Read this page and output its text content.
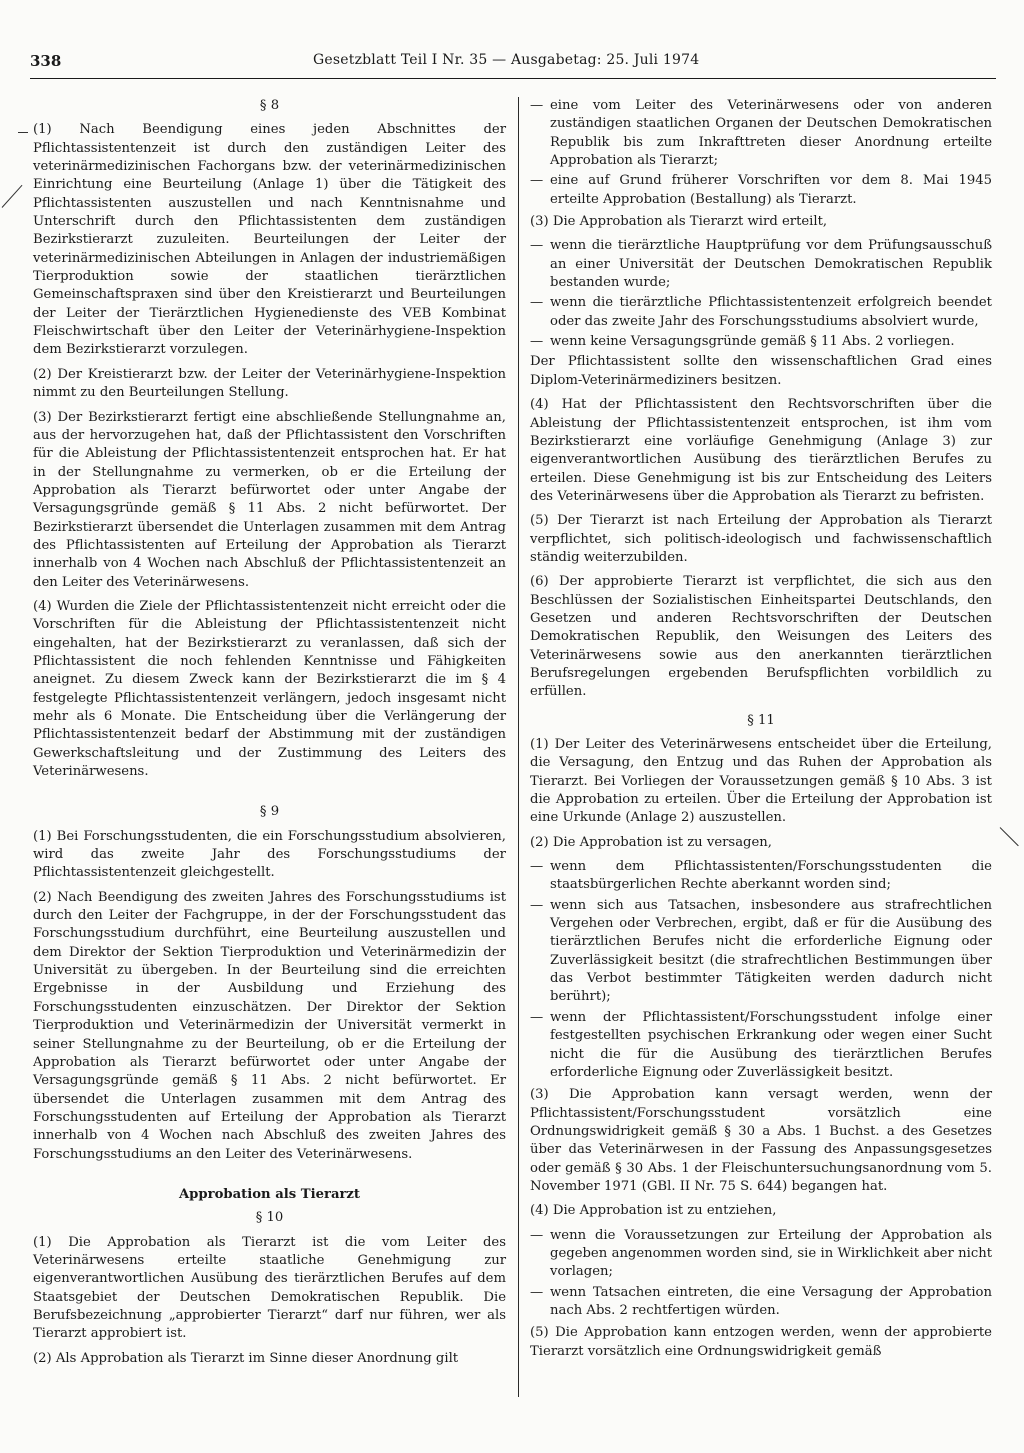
338	Gesetzblatt Teil I Nr. 35 — Ausgabetag: 25. Juli 1974
§ 8

(1) Nach Beendigung eines jeden Abschnittes der Pflichtassistentenzeit ist durch den zuständigen Leiter des veterinärmedizinischen Fachorgans bzw. der veterinärmedizinischen Einrichtung eine Beurteilung (Anlage 1) über die Tätigkeit des Pflichtassistenten auszustellen und nach Kenntnisnahme und Unterschrift durch den Pflichtassistenten dem zuständigen Bezirkstierarzt zuzuleiten. Beurteilungen der Leiter der veterinärmedizinischen Abteilungen in Anlagen der industriemäßigen Tierproduktion sowie der staatlichen tierärztlichen Gemeinschaftspraxen sind über den Kreistierarzt und Beurteilungen der Leiter der Tierärztlichen Hygienedienste des VEB Kombinat Fleischwirtschaft über den Leiter der Veterinärhygiene-Inspektion dem Bezirkstierarzt vorzulegen.

(2) Der Kreistierarzt bzw. der Leiter der Veterinärhygiene-Inspektion nimmt zu den Beurteilungen Stellung.

(3) Der Bezirkstierarzt fertigt eine abschließende Stellungnahme an, aus der hervorzugehen hat, daß der Pflichtassistent den Vorschriften für die Ableistung der Pflichtassistentenzeit entsprochen hat. Er hat in der Stellungnahme zu vermerken, ob er die Erteilung der Approbation als Tierarzt befürwortet oder unter Angabe der Versagungsgründe gemäß § 11 Abs. 2 nicht befürwortet. Der Bezirkstierarzt übersendet die Unterlagen zusammen mit dem Antrag des Pflichtassistenten auf Erteilung der Approbation als Tierarzt innerhalb von 4 Wochen nach Abschluß der Pflichtassistentenzeit an den Leiter des Veterinärwesens.

(4) Wurden die Ziele der Pflichtassistentenzeit nicht erreicht oder die Vorschriften für die Ableistung der Pflichtassistentenzeit nicht eingehalten, hat der Bezirkstierarzt zu veranlassen, daß sich der Pflichtassistent die noch fehlenden Kenntnisse und Fähigkeiten aneignet. Zu diesem Zweck kann der Bezirkstierarzt die im § 4 festgelegte Pflichtassistentenzeit verlängern, jedoch insgesamt nicht mehr als 6 Monate. Die Entscheidung über die Verlängerung der Pflichtassistentenzeit bedarf der Abstimmung mit der zuständigen Gewerkschaftsleitung und der Zustimmung des Leiters des Veterinärwesens.

§ 9

(1) Bei Forschungsstudenten, die ein Forschungsstudium absolvieren, wird das zweite Jahr des Forschungsstudiums der Pflichtassistentenzeit gleichgestellt.

(2) Nach Beendigung des zweiten Jahres des Forschungsstudiums ist durch den Leiter der Fachgruppe, in der der Forschungsstudent das Forschungsstudium durchführt, eine Beurteilung auszustellen und dem Direktor der Sektion Tierproduktion und Veterinärmedizin der Universität zu übergeben. In der Beurteilung sind die erreichten Ergebnisse in der Ausbildung und Erziehung des Forschungsstudenten einzuschätzen. Der Direktor der Sektion Tierproduktion und Veterinärmedizin der Universität vermerkt in seiner Stellungnahme zu der Beurteilung, ob er die Erteilung der Approbation als Tierarzt befürwortet oder unter Angabe der Versagungsgründe gemäß § 11 Abs. 2 nicht befürwortet. Er übersendet die Unterlagen zusammen mit dem Antrag des Forschungsstudenten auf Erteilung der Approbation als Tierarzt innerhalb von 4 Wochen nach Abschluß des zweiten Jahres des Forschungsstudiums an den Leiter des Veterinärwesens.

Approbation als Tierarzt
§ 10

(1) Die Approbation als Tierarzt ist die vom Leiter des Veterinärwesens erteilte staatliche Genehmigung zur eigenverantwortlichen Ausübung des tierärztlichen Berufes auf dem Staatsgebiet der Deutschen Demokratischen Republik. Die Berufsbezeichnung „approbierter Tierarzt“ darf nur führen, wer als Tierarzt approbiert ist.

(2) Als Approbation als Tierarzt im Sinne dieser Anordnung gilt

— eine vom Leiter des Veterinärwesens oder von anderen zuständigen staatlichen Organen der Deutschen Demokratischen Republik bis zum Inkrafttreten dieser Anordnung erteilte Approbation als Tierarzt;
— eine auf Grund früherer Vorschriften vor dem 8. Mai 1945 erteilte Approbation (Bestallung) als Tierarzt.

(3) Die Approbation als Tierarzt wird erteilt,

— wenn die tierärztliche Hauptprüfung vor dem Prüfungsausschuß an einer Universität der Deutschen Demokratischen Republik bestanden wurde;
— wenn die tierärztliche Pflichtassistentenzeit erfolgreich beendet oder das zweite Jahr des Forschungsstudiums absolviert wurde,
— wenn keine Versagungsgründe gemäß § 11 Abs. 2 vorliegen.

Der Pflichtassistent sollte den wissenschaftlichen Grad eines Diplom-Veterinärmediziners besitzen.

(4) Hat der Pflichtassistent den Rechtsvorschriften über die Ableistung der Pflichtassistentenzeit entsprochen, ist ihm vom Bezirkstierarzt eine vorläufige Genehmigung (Anlage 3) zur eigenverantwortlichen Ausübung des tierärztlichen Berufes zu erteilen. Diese Genehmigung ist bis zur Entscheidung des Leiters des Veterinärwesens über die Approbation als Tierarzt zu befristen.

(5) Der Tierarzt ist nach Erteilung der Approbation als Tierarzt verpflichtet, sich politisch-ideologisch und fachwissenschaftlich ständig weiterzubilden.

(6) Der approbierte Tierarzt ist verpflichtet, die sich aus den Beschlüssen der Sozialistischen Einheitspartei Deutschlands, den Gesetzen und anderen Rechtsvorschriften der Deutschen Demokratischen Republik, den Weisungen des Leiters des Veterinärwesens sowie aus den anerkannten tierärztlichen Berufsregelungen ergebenden Berufspflichten vorbildlich zu erfüllen.

§ 11

(1) Der Leiter des Veterinärwesens entscheidet über die Erteilung, die Versagung, den Entzug und das Ruhen der Approbation als Tierarzt. Bei Vorliegen der Voraussetzungen gemäß § 10 Abs. 3 ist die Approbation zu erteilen. Über die Erteilung der Approbation ist eine Urkunde (Anlage 2) auszustellen.

(2) Die Approbation ist zu versagen,

— wenn dem Pflichtassistenten/Forschungsstudenten die staatsbürgerlichen Rechte aberkannt worden sind;
— wenn sich aus Tatsachen, insbesondere aus strafrechtlichen Vergehen oder Verbrechen, ergibt, daß er für die Ausübung des tierärztlichen Berufes nicht die erforderliche Eignung oder Zuverlässigkeit besitzt (die strafrechtlichen Bestimmungen über das Verbot bestimmter Tätigkeiten werden dadurch nicht berührt);
— wenn der Pflichtassistent/Forschungsstudent infolge einer festgestellten psychischen Erkrankung oder wegen einer Sucht nicht die für die Ausübung des tierärztlichen Berufes erforderliche Eignung oder Zuverlässigkeit besitzt.

(3) Die Approbation kann versagt werden, wenn der Pflichtassistent/Forschungsstudent vorsätzlich eine Ordnungswidrigkeit gemäß § 30 a Abs. 1 Buchst. a des Gesetzes über das Veterinärwesen in der Fassung des Anpassungsgesetzes oder gemäß § 30 Abs. 1 der Fleischuntersuchungsanordnung vom 5. November 1971 (GBl. II Nr. 75 S. 644) begangen hat.

(4) Die Approbation ist zu entziehen,

— wenn die Voraussetzungen zur Erteilung der Approbation als gegeben angenommen worden sind, sie in Wirklichkeit aber nicht vorlagen;
— wenn Tatsachen eintreten, die eine Versagung der Approbation nach Abs. 2 rechtfertigen würden.

(5) Die Approbation kann entzogen werden, wenn der approbierte Tierarzt vorsätzlich eine Ordnungswidrigkeit gemäß
